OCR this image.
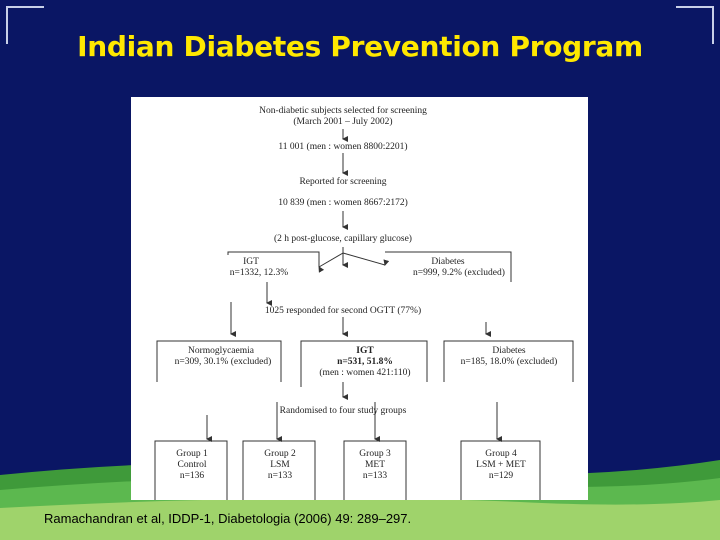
Indian Diabetes Prevention Program
Non-diabetic subjects selected for screening
(March 2001 – July 2002)
11 001 (men : women 8800:2201)
Reported for screening
10 839 (men : women 8667:2172)
(2 h post-glucose, capillary glucose)
IGT
n=1332, 12.3%
Diabetes
n=999, 9.2% (excluded)
1025 responded for second OGTT (77%)
Normoglycaemia
n=309, 30.1% (excluded)
IGT
n=531, 51.8%
(men : women 421:110)
Diabetes
n=185, 18.0% (excluded)
Randomised to four study groups
Group 1
Control
n=136
Group 2
LSM
n=133
Group 3
MET
n=133
Group 4
LSM + MET
n=129
Ramachandran et al, IDDP-1, Diabetologia (2006) 49: 289–297.
